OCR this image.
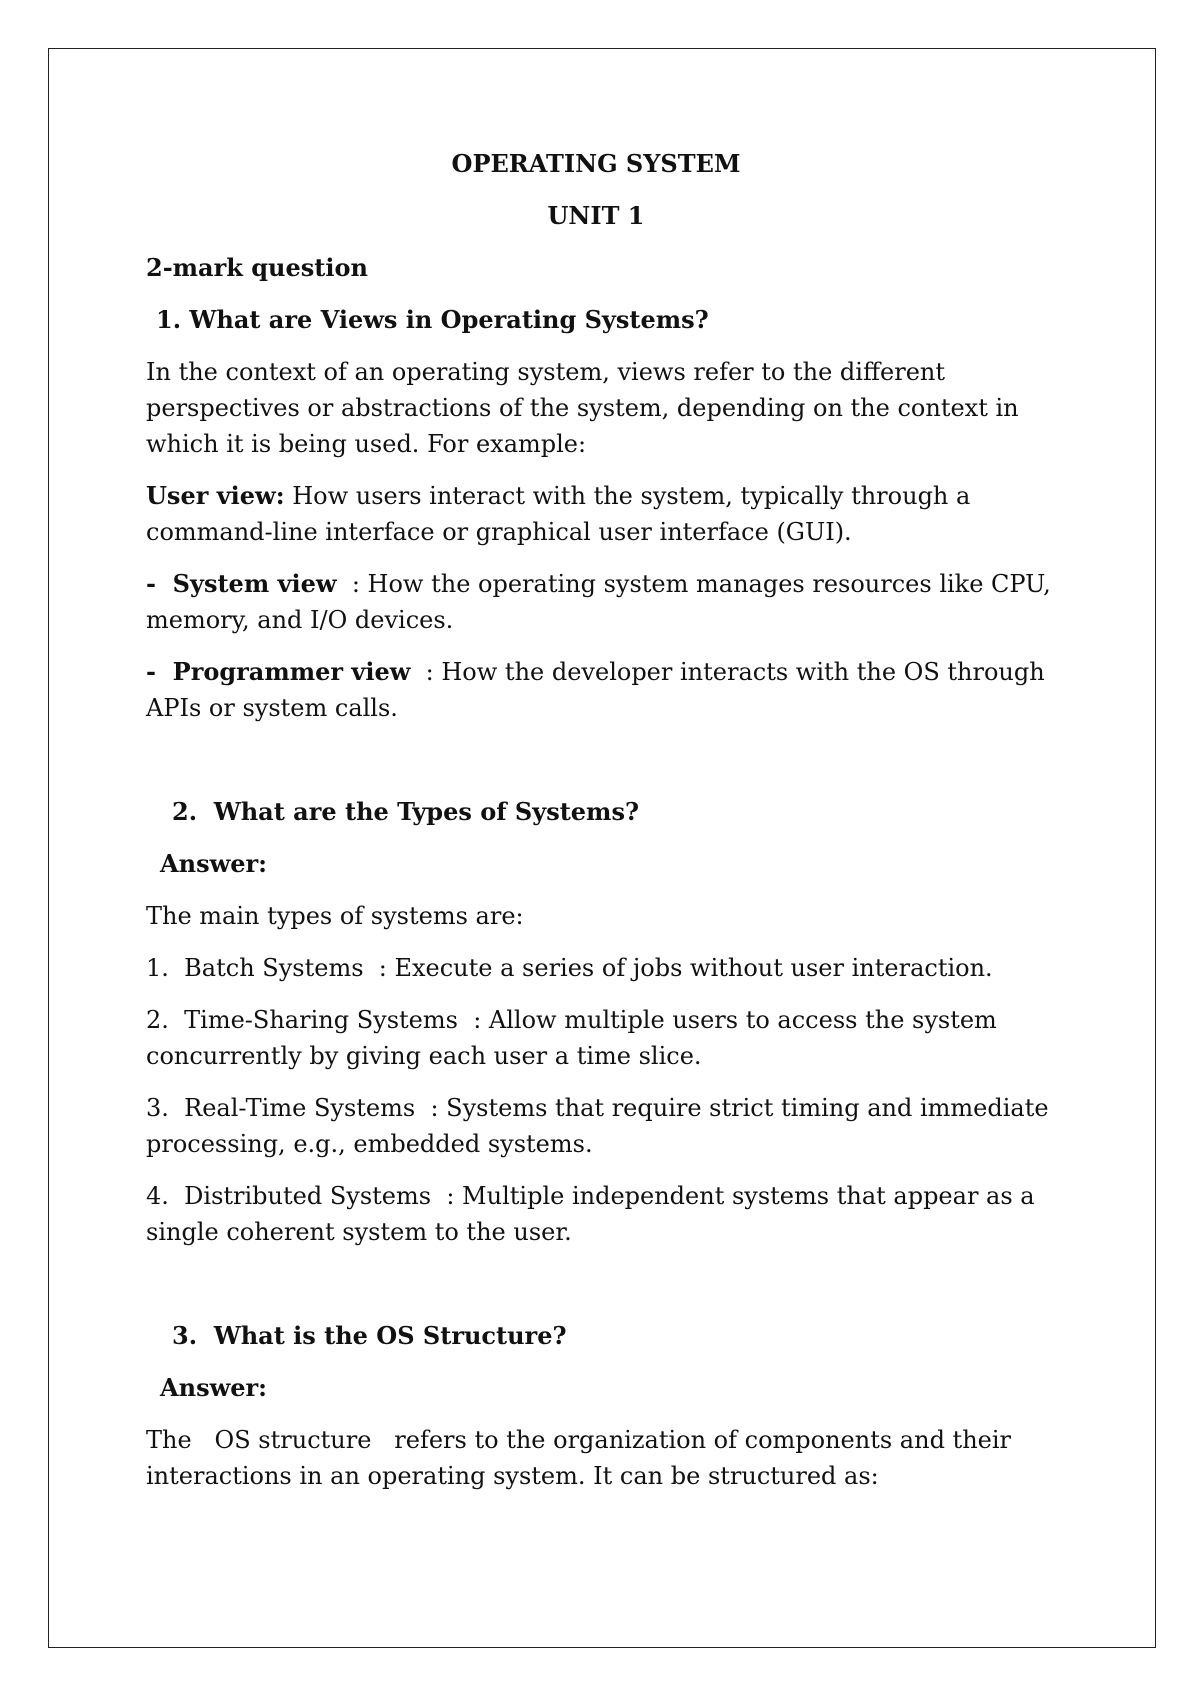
OPERATING SYSTEM
UNIT 1
2-mark question
1. What are Views in Operating Systems?
In the context of an operating system, views refer to the different
perspectives or abstractions of the system, depending on the context in
which it is being used. For example:
User view: How users interact with the system, typically through a
command-line interface or graphical user interface (GUI).
-  System view  : How the operating system manages resources like CPU,
memory, and I/O devices.
-  Programmer view  : How the developer interacts with the OS through
APIs or system calls.
2.  What are the Types of Systems?
Answer:
The main types of systems are:
1.  Batch Systems  : Execute a series of jobs without user interaction.
2.  Time-Sharing Systems  : Allow multiple users to access the system
concurrently by giving each user a time slice.
3.  Real-Time Systems  : Systems that require strict timing and immediate
processing, e.g., embedded systems.
4.  Distributed Systems  : Multiple independent systems that appear as a
single coherent system to the user.
3.  What is the OS Structure?
Answer:
The   OS structure   refers to the organization of components and their
interactions in an operating system. It can be structured as:
